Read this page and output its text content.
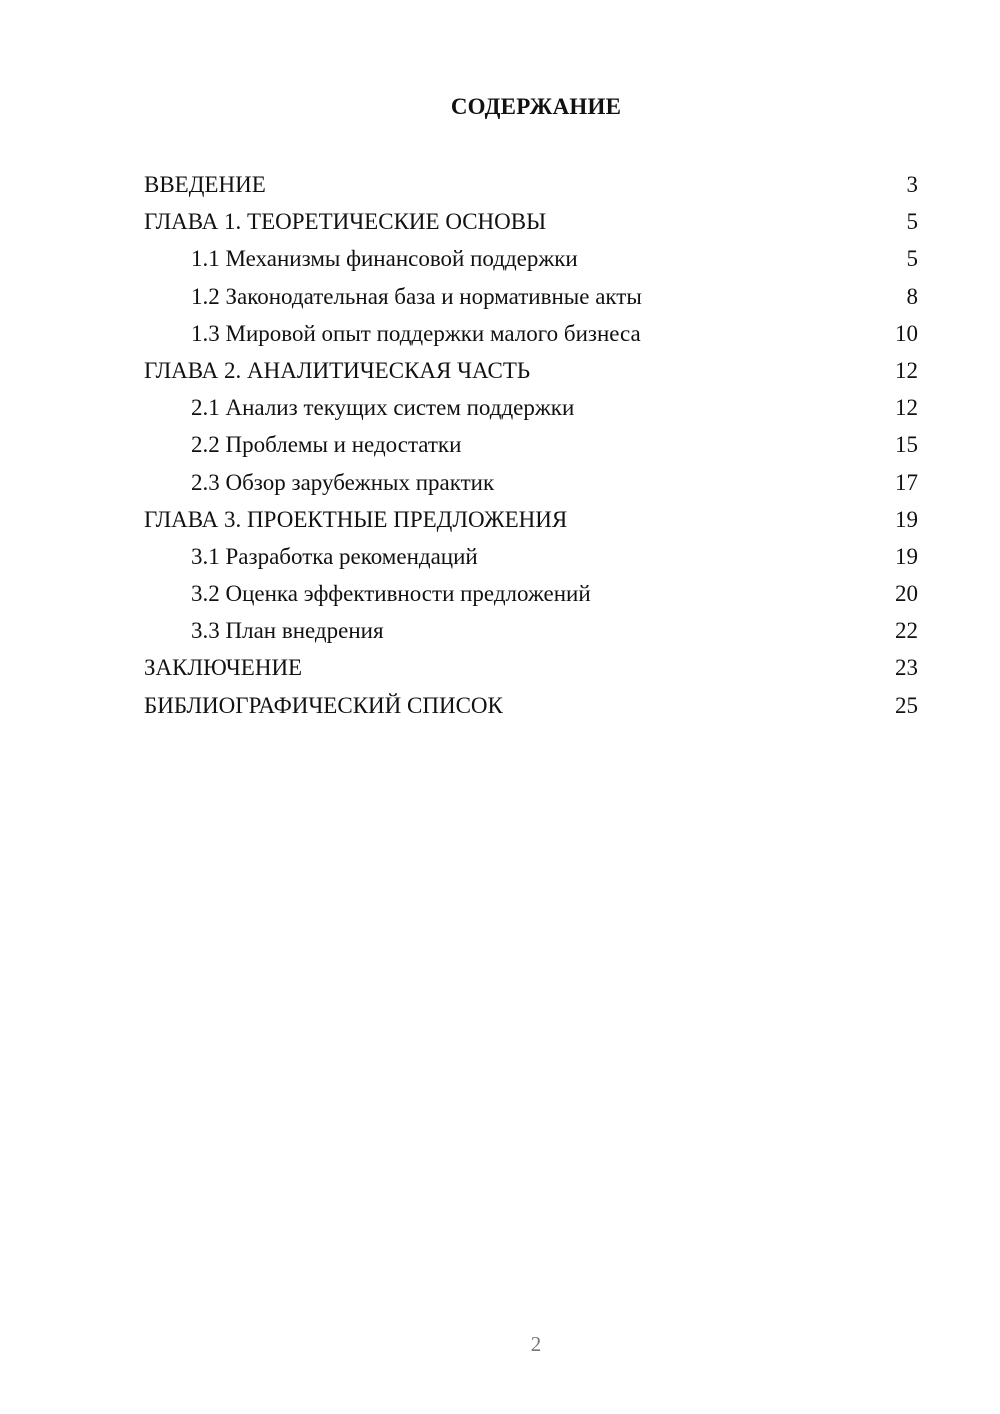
СОДЕРЖАНИЕ
ВВЕДЕНИЕ	3
ГЛАВА 1. ТЕОРЕТИЧЕСКИЕ ОСНОВЫ	5
1.1 Механизмы финансовой поддержки	5
1.2 Законодательная база и нормативные акты	8
1.3 Мировой опыт поддержки малого бизнеса	10
ГЛАВА 2. АНАЛИТИЧЕСКАЯ ЧАСТЬ	12
2.1 Анализ текущих систем поддержки	12
2.2 Проблемы и недостатки	15
2.3 Обзор зарубежных практик	17
ГЛАВА 3. ПРОЕКТНЫЕ ПРЕДЛОЖЕНИЯ	19
3.1 Разработка рекомендаций	19
3.2 Оценка эффективности предложений	20
3.3 План внедрения	22
ЗАКЛЮЧЕНИЕ	23
БИБЛИОГРАФИЧЕСКИЙ СПИСОК	25
2
